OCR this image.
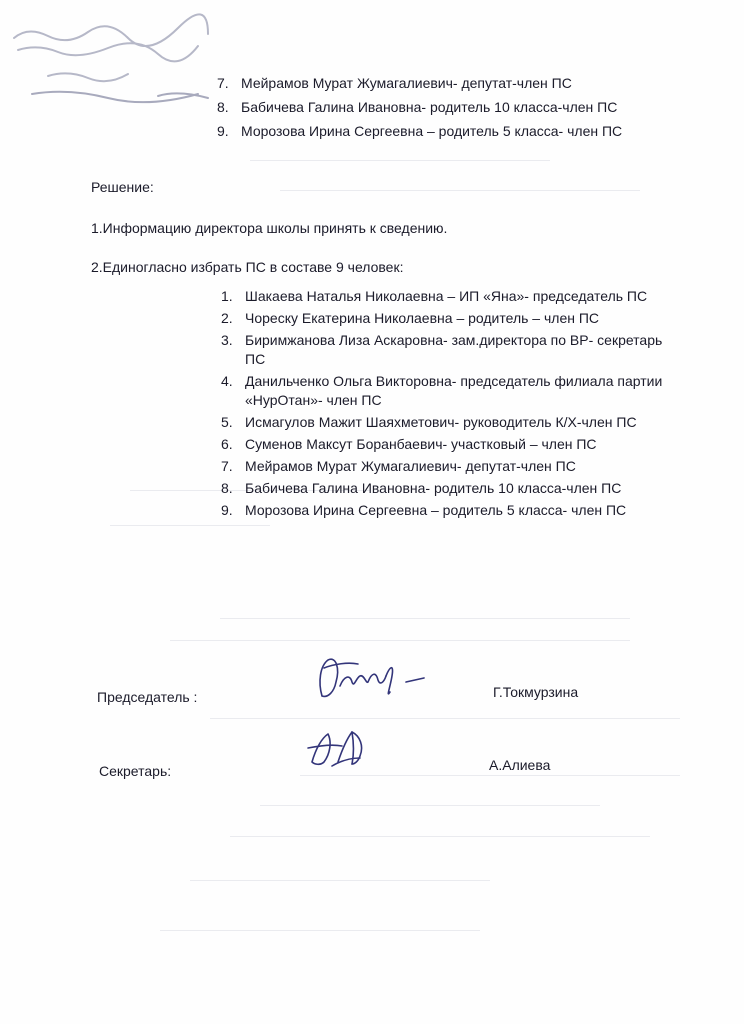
7. Мейрамов Мурат Жумагалиевич- депутат-член ПС
8. Бабичева Галина Ивановна- родитель 10 класса-член ПС
9. Морозова Ирина Сергеевна – родитель 5 класса- член ПС
Решение:
1.Информацию директора школы принять к сведению.
2.Единогласно избрать ПС в составе 9 человек:
1. Шакаева Наталья Николаевна – ИП «Яна»- председатель ПС
2. Чореску Екатерина Николаевна – родитель – член ПС
3. Биримжанова Лиза Аскаровна- зам.директора по ВР- секретарь ПС
4. Данильченко Ольга Викторовна- председатель филиала партии «НурОтан»- член ПС
5. Исмагулов Мажит Шаяхметович- руководитель К/Х-член ПС
6. Суменов Максут Боранбаевич- участковый – член ПС
7. Мейрамов Мурат Жумагалиевич- депутат-член ПС
8. Бабичева Галина Ивановна- родитель 10 класса-член ПС
9. Морозова Ирина Сергеевна – родитель 5 класса- член ПС
Председатель :	Г.Токмурзина
Секретарь:	А.Алиева
